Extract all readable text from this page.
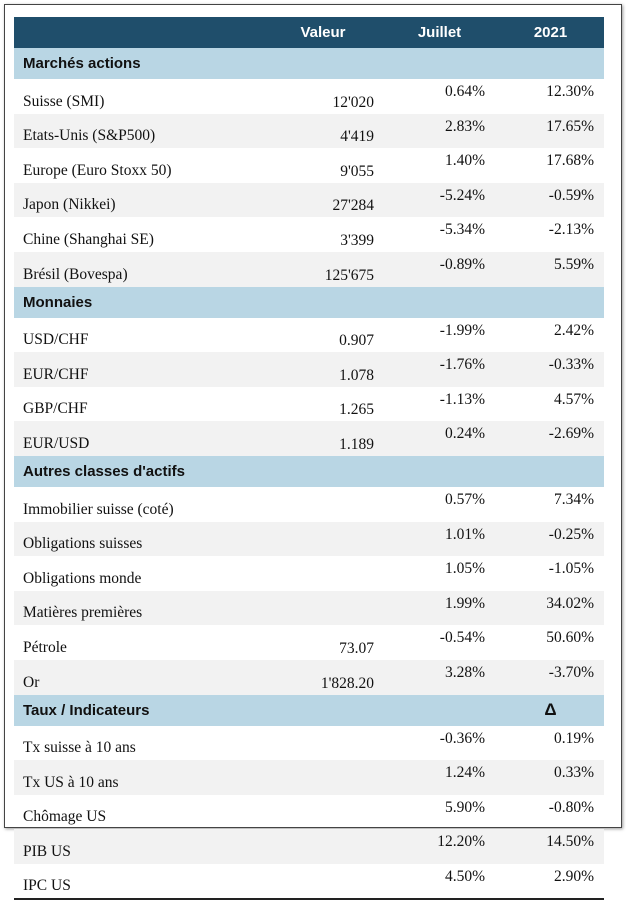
	Valeur	Juillet	2021
Marchés actions			
Suisse (SMI)	12'020	0.64%	12.30%
Etats-Unis (S&P500)	4'419	2.83%	17.65%
Europe (Euro Stoxx 50)	9'055	1.40%	17.68%
Japon (Nikkei)	27'284	-5.24%	-0.59%
Chine (Shanghai SE)	3'399	-5.34%	-2.13%
Brésil (Bovespa)	125'675	-0.89%	5.59%
Monnaies			
USD/CHF	0.907	-1.99%	2.42%
EUR/CHF	1.078	-1.76%	-0.33%
GBP/CHF	1.265	-1.13%	4.57%
EUR/USD	1.189	0.24%	-2.69%
Autres classes d'actifs			
Immobilier suisse (coté)		0.57%	7.34%
Obligations suisses		1.01%	-0.25%
Obligations monde		1.05%	-1.05%
Matières premières		1.99%	34.02%
Pétrole	73.07	-0.54%	50.60%
Or	1'828.20	3.28%	-3.70%
Taux / Indicateurs			Δ
Tx suisse à 10 ans		-0.36%	0.19%
Tx US à 10 ans		1.24%	0.33%
Chômage US		5.90%	-0.80%
PIB US		12.20%	14.50%
IPC US		4.50%	2.90%
